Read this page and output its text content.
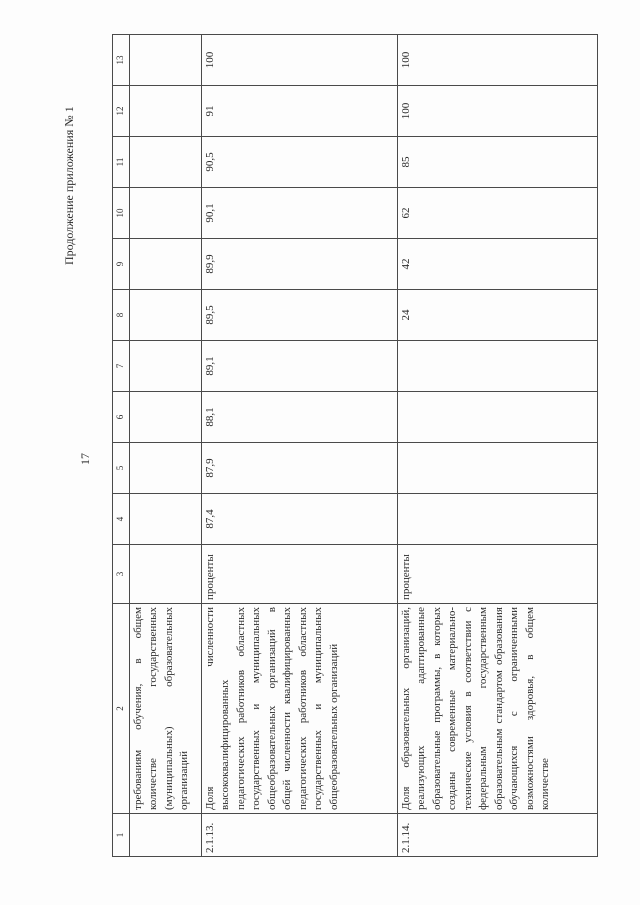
Продолжение приложения № 1
17
1	2	3	4	5	6	7	8	9	10	11	12	13
	требованиям обучения, в общем количестве государственных (муниципальных) образовательных организаций											
2.1.13.	Доля численности высококвалифицированных педагогических работников областных государственных и муниципальных общеобразовательных организаций в общей численности квалифицированных педагогических работников областных государственных и муниципальных общеобразовательных организаций	проценты	87,4	87,9	88,1	89,1	89,5	89,9	90,1	90,5	91	100
2.1.14.	Доля образовательных организаций, реализующих адаптированные образовательные программы, в которых созданы современные материально-технические условия в соответствии с федеральным государственным образовательным стандартом образования обучающихся с ограниченными возможностями здоровья, в общем количестве	проценты					24	42	62	85	100	100
